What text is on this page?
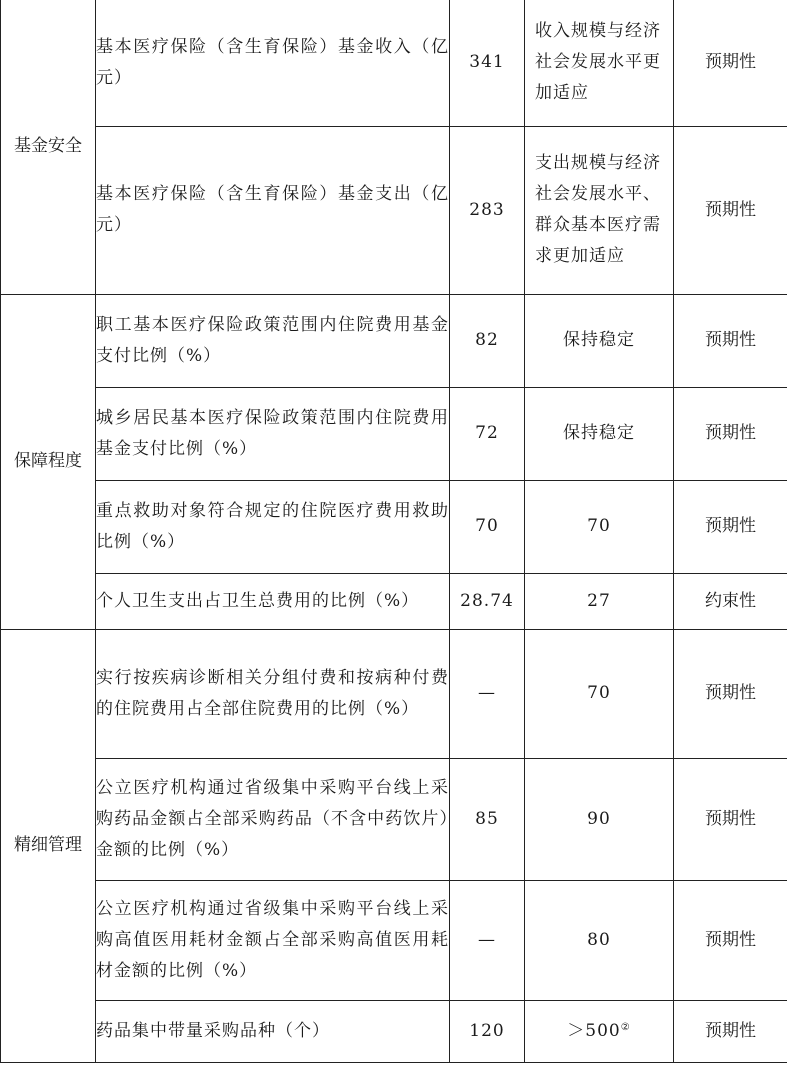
基金安全	基本医疗保险（含生育保险）基金收入（亿元）	341	收入规模与经济社会发展水平更加适应	预期性
	基本医疗保险（含生育保险）基金支出（亿元）	283	支出规模与经济社会发展水平、群众基本医疗需求更加适应	预期性
保障程度	职工基本医疗保险政策范围内住院费用基金支付比例（%）	82	保持稳定	预期性
	城乡居民基本医疗保险政策范围内住院费用基金支付比例（%）	72	保持稳定	预期性
	重点救助对象符合规定的住院医疗费用救助比例（%）	70	70	预期性
	个人卫生支出占卫生总费用的比例（%）	28.74	27	约束性
精细管理	实行按疾病诊断相关分组付费和按病种付费的住院费用占全部住院费用的比例（%）	—	70	预期性
	公立医疗机构通过省级集中采购平台线上采购药品金额占全部采购药品（不含中药饮片）金额的比例（%）	85	90	预期性
	公立医疗机构通过省级集中采购平台线上采购高值医用耗材金额占全部采购高值医用耗材金额的比例（%）	—	80	预期性
	药品集中带量采购品种（个）	120	＞500②	预期性
